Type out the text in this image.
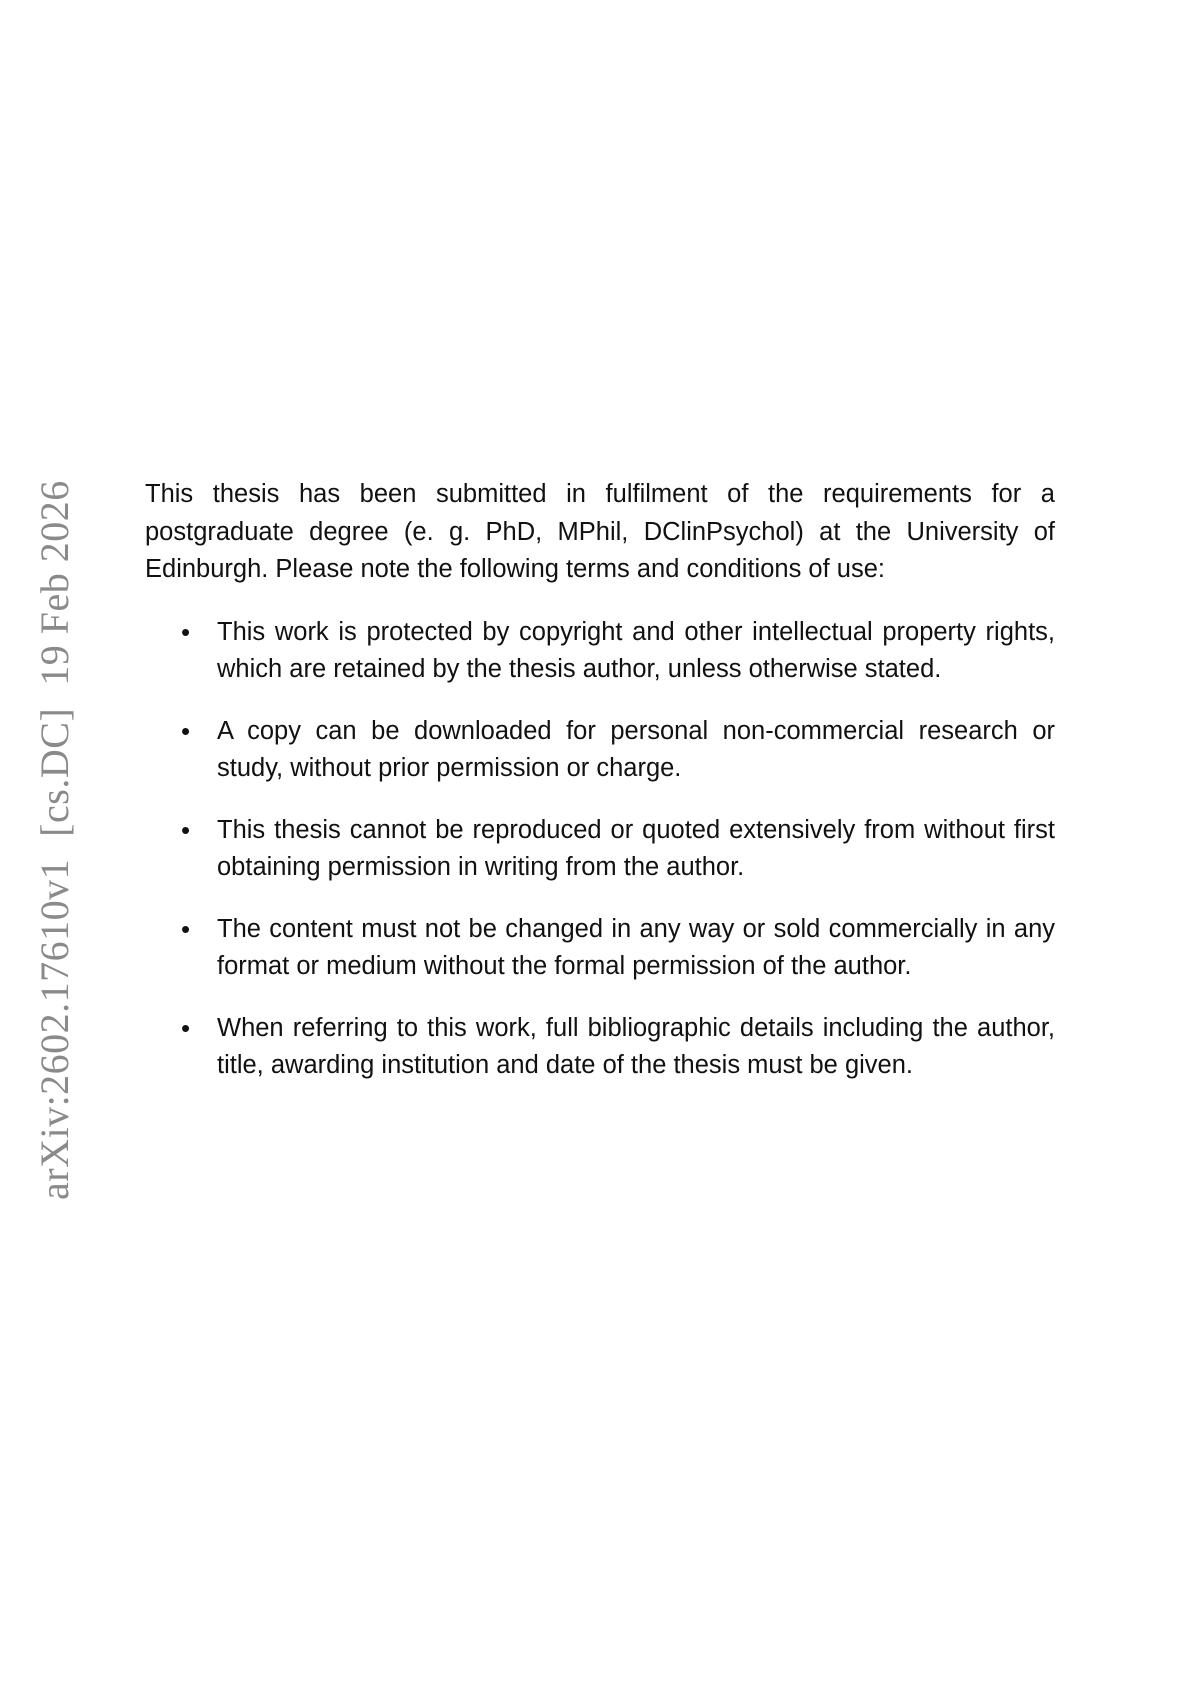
arXiv:2602.17610v1[cs.DC]19 Feb 2026	This thesis has been submitted in fulfilment of the requirements for a postgraduate degree (e. g. PhD, MPhil, DClinPsychol) at the University of Edinburgh. Please note the following terms and conditions of use:

•	This work is protected by copyright and other intellectual property rights, which are retained by the thesis author, unless otherwise stated.
•	A copy can be downloaded for personal non-commercial research or study, without prior permission or charge.
•	This thesis cannot be reproduced or quoted extensively from without first obtaining permission in writing from the author.
•	The content must not be changed in any way or sold commercially in any format or medium without the formal permission of the author.
•	When referring to this work, full bibliographic details including the author, title, awarding institution and date of the thesis must be given.
